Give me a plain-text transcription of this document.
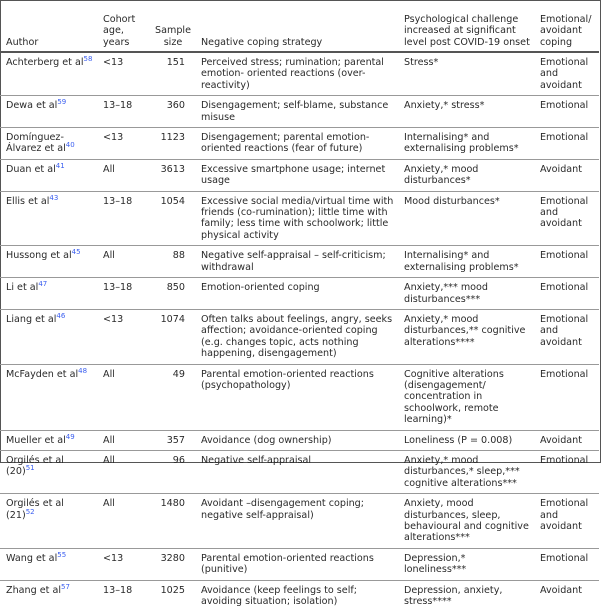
Author	Cohort age, years	Sample size	Negative coping strategy	Psychological challenge increased at significant level post COVID-19 onset	Emotional/ avoidant coping
Achterberg et $al^{58}$	<13	151	Perceived stress; rumination; parental emotion- oriented reactions (over-reactivity)	Stress*	Emotional and avoidant
Dewa et $al^{59}$	13–18	360	Disengagement; self-blame, substance misuse	Anxiety,* stress*	Emotional
Domínguez-Álvarez et $al^{40}$	<13	1123	Disengagement; parental emotion-oriented reactions (fear of future)	Internalising* and externalising problems*	Emotional
Duan et $al^{41}$	All	3613	Excessive smartphone usage; internet usage	Anxiety,* mood disturbances*	Avoidant
Ellis et $al^{43}$	13–18	1054	Excessive social media/virtual time with friends (co-rumination); little time with family; less time with schoolwork; little physical activity	Mood disturbances*	Emotional and avoidant
Hussong et $al^{45}$	All	88	Negative self-appraisal – self-criticism; withdrawal	Internalising* and externalising problems*	Emotional
Li et $al^{47}$	13–18	850	Emotion-oriented coping	Anxiety,*** mood disturbances***	Emotional
Liang et $al^{46}$	<13	1074	Often talks about feelings, angry, seeks affection; avoidance-oriented coping (e.g. changes topic, acts nothing happening, disengagement)	Anxiety,* mood disturbances,** cognitive alterations****	Emotional and avoidant
McFayden et $al^{48}$	All	49	Parental emotion-oriented reactions (psychopathology)	Cognitive alterations (disengagement/ concentration in schoolwork, remote learning)*	Emotional
Mueller et $al^{49}$	All	357	Avoidance (dog ownership)	Loneliness (P = 0.008)	Avoidant
Orgilés et al $(20)^{51}$	All	96	Negative self-appraisal	Anxiety,* mood disturbances,* sleep,*** cognitive alterations***	Emotional
Orgilés et al $(21)^{52}$	All	1480	Avoidant –disengagement coping; negative self-appraisal)	Anxiety, mood disturbances, sleep, behavioural and cognitive alterations***	Emotional and avoidant
Wang et $al^{55}$	<13	3280	Parental emotion-oriented reactions (punitive)	Depression,* loneliness***	Emotional
Zhang et $al^{57}$	13–18	1025	Avoidance (keep feelings to self; avoiding situation; isolation)	Depression, anxiety, stress****	Avoidant
